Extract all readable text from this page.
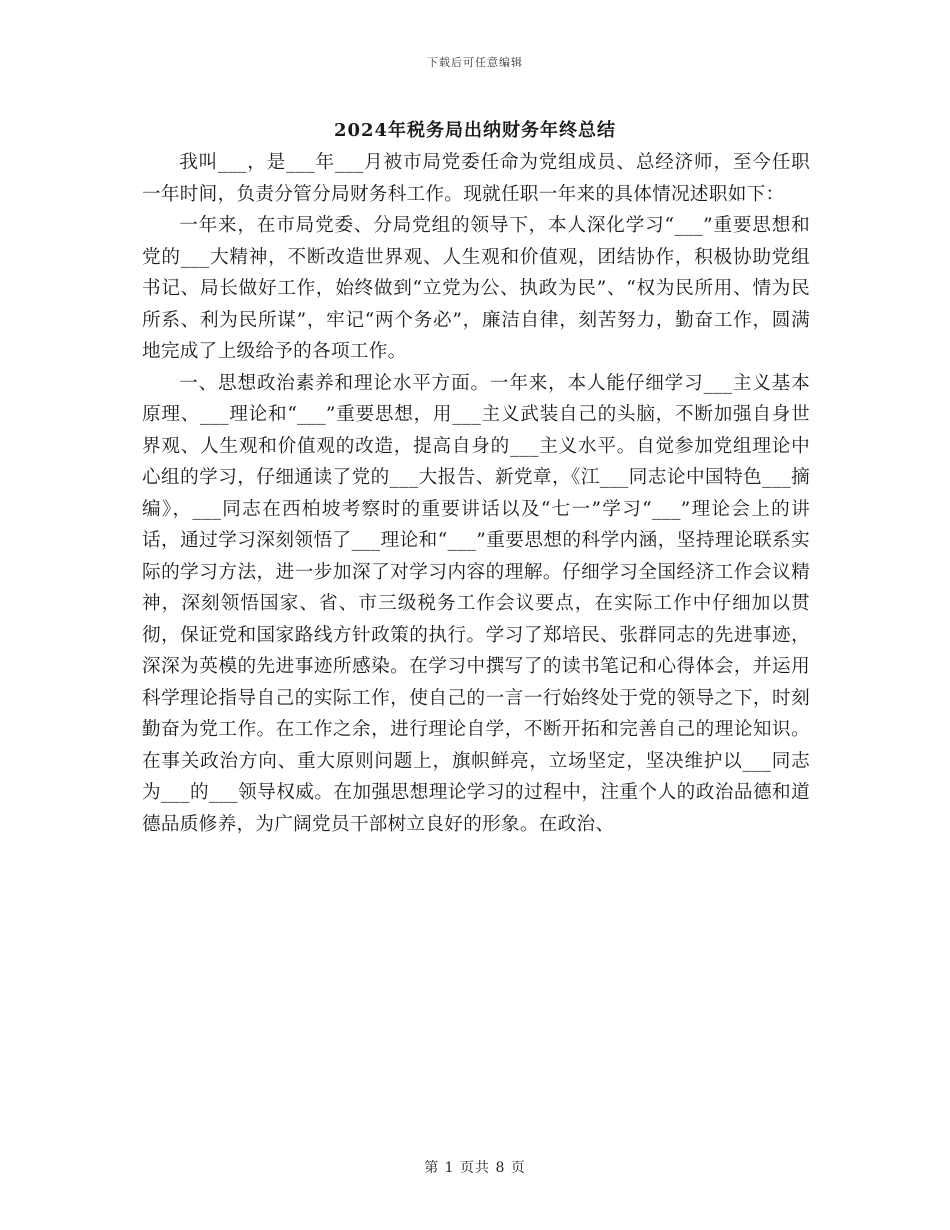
下载后可任意编辑
2024年税务局出纳财务年终总结

我叫___，是___年___月被市局党委任命为党组成员、总经济师，至今任职一年时间，负责分管分局财务科工作。现就任职一年来的具体情况述职如下：

一年来，在市局党委、分局党组的领导下，本人深化学习“___”重要思想和党的___大精神，不断改造世界观、人生观和价值观，团结协作，积极协助党组书记、局长做好工作，始终做到“立党为公、执政为民”、“权为民所用、情为民所系、利为民所谋”，牢记“两个务必”，廉洁自律，刻苦努力，勤奋工作，圆满地完成了上级给予的各项工作。

一、思想政治素养和理论水平方面。一年来，本人能仔细学习___主义基本原理、___理论和“___”重要思想，用___主义武装自己的头脑，不断加强自身世界观、人生观和价值观的改造，提高自身的___主义水平。自觉参加党组理论中心组的学习，仔细通读了党的___大报告、新党章，《江___同志论中国特色___摘编》，___同志在西柏坡考察时的重要讲话以及“七一”学习“___”理论会上的讲话，通过学习深刻领悟了___理论和“___”重要思想的科学内涵，坚持理论联系实际的学习方法，进一步加深了对学习内容的理解。仔细学习全国经济工作会议精神，深刻领悟国家、省、市三级税务工作会议要点，在实际工作中仔细加以贯彻，保证党和国家路线方针政策的执行。学习了郑培民、张群同志的先进事迹，深深为英模的先进事迹所感染。在学习中撰写了的读书笔记和心得体会，并运用科学理论指导自己的实际工作，使自己的一言一行始终处于党的领导之下，时刻勤奋为党工作。在工作之余，进行理论自学，不断开拓和完善自己的理论知识。在事关政治方向、重大原则问题上，旗帜鲜亮，立场坚定，坚决维护以___同志为___的___领导权威。在加强思想理论学习的过程中，注重个人的政治品德和道德品质修养，为广阔党员干部树立良好的形象。在政治、

第 1 页共 8 页
